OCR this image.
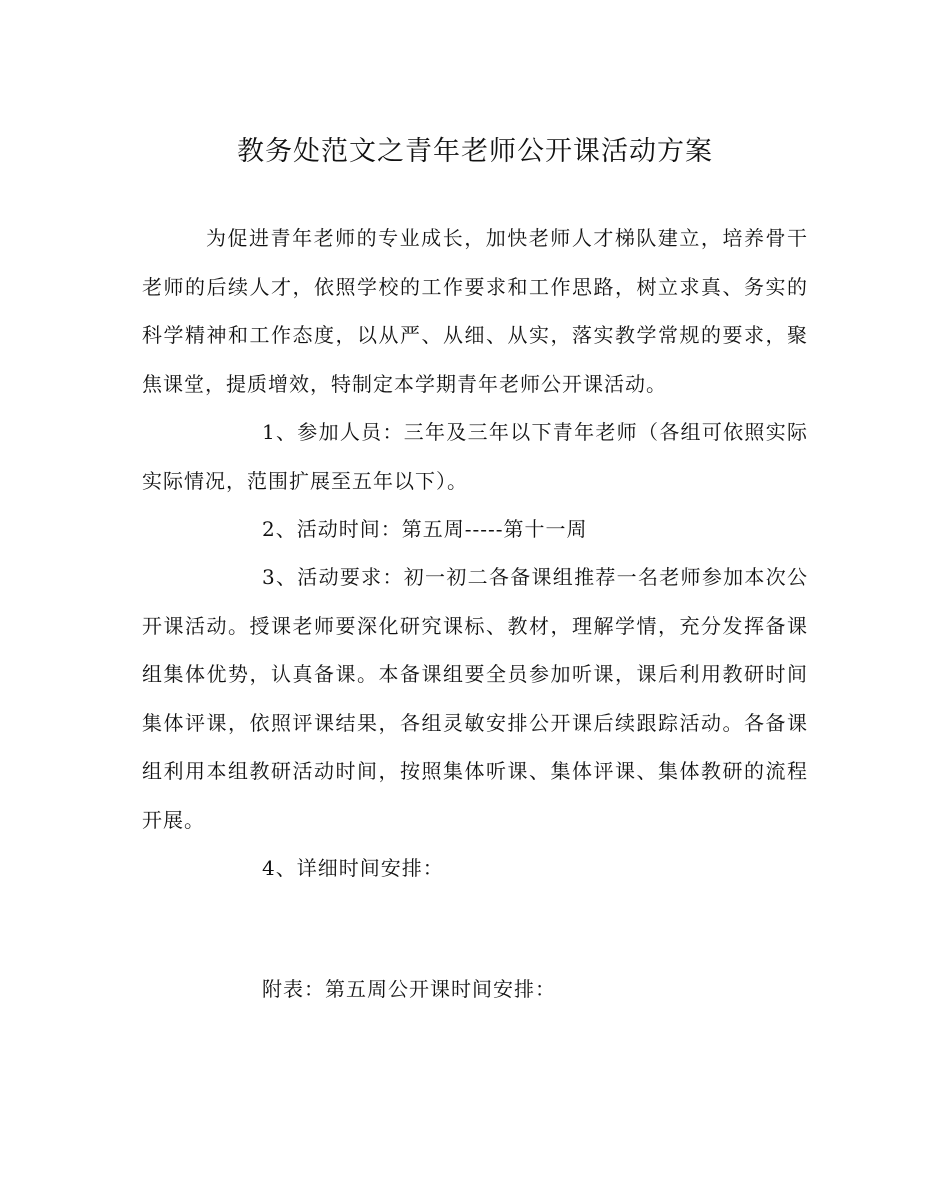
教务处范文之青年老师公开课活动方案

为促进青年老师的专业成长，加快老师人才梯队建立，培养骨干老师的后续人才，依照学校的工作要求和工作思路，树立求真、务实的科学精神和工作态度，以从严、从细、从实，落实教学常规的要求，聚焦课堂，提质增效，特制定本学期青年老师公开课活动。

1、参加人员：三年及三年以下青年老师（各组可依照实际实际情况，范围扩展至五年以下）。

2、活动时间：第五周-----第十一周

3、活动要求：初一初二各备课组推荐一名老师参加本次公开课活动。授课老师要深化研究课标、教材，理解学情，充分发挥备课组集体优势，认真备课。本备课组要全员参加听课，课后利用教研时间集体评课，依照评课结果，各组灵敏安排公开课后续跟踪活动。各备课组利用本组教研活动时间，按照集体听课、集体评课、集体教研的流程开展。

4、详细时间安排：

附表：第五周公开课时间安排：
